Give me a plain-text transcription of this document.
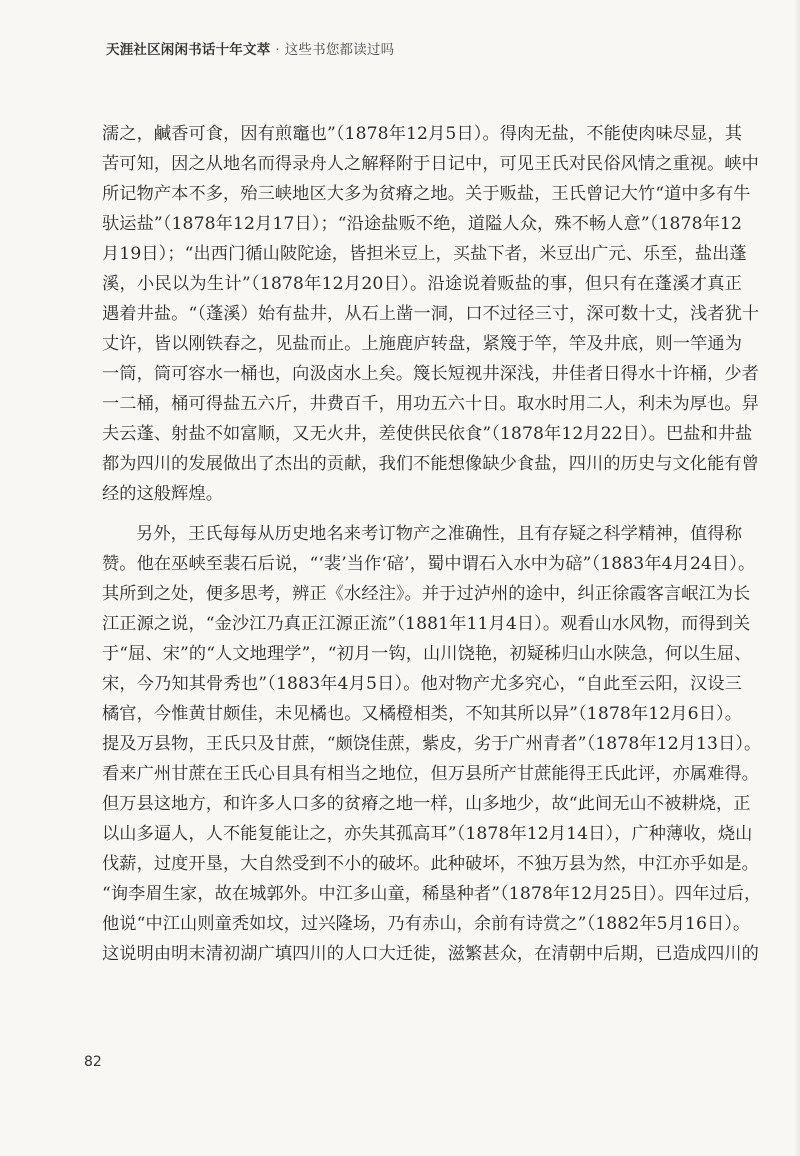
天涯社区闲闲书话十年文萃 · 这些书您都读过吗
濡之，鹹香可食，因有煎竈也”（1878年12月5日）。得肉无盐，不能使肉味尽显，其
苦可知，因之从地名而得录舟人之解释附于日记中，可见王氏对民俗风情之重视。峡中
所记物产本不多，殆三峡地区大多为贫瘠之地。关于贩盐，王氏曾记大竹“道中多有牛
驮运盐”（1878年12月17日）；“沿途盐贩不绝，道隘人众，殊不畅人意”（1878年12
月19日）；“出西门循山陂陀途，皆担米豆上，买盐下者，米豆出广元、乐至，盐出蓬
溪，小民以为生计”（1878年12月20日）。沿途说着贩盐的事，但只有在蓬溪才真正
遇着井盐。“（蓬溪）始有盐井，从石上凿一洞，口不过径三寸，深可数十丈，浅者犹十
丈许，皆以刚铁舂之，见盐而止。上施鹿庐转盘，紧篾于竿，竿及井底，则一竿通为
一筒，筒可容水一桶也，向汲卤水上矣。篾长短视井深浅，井佳者日得水十许桶，少者
一二桶，桶可得盐五六斤，井费百千，用功五六十日。取水时用二人，利未为厚也。舁
夫云蓬、射盐不如富顺，又无火井，差使供民依食”（1878年12月22日）。巴盐和井盐
都为四川的发展做出了杰出的贡献，我们不能想像缺少食盐，四川的历史与文化能有曾
经的这般辉煌。
另外，王氏每每从历史地名来考订物产之准确性，且有存疑之科学精神，值得称
赞。他在巫峡至裴石后说，“‘裴’当作‘碚’，蜀中谓石入水中为碚”（1883年4月24日）。
其所到之处，便多思考，辨正《水经注》。并于过泸州的途中，纠正徐霞客言岷江为长
江正源之说，“金沙江乃真正江源正流”（1881年11月4日）。观看山水风物，而得到关
于“屈、宋”的“人文地理学”，“初月一钩，山川饶艳，初疑秭归山水陕急，何以生屈、
宋，今乃知其骨秀也”（1883年4月5日）。他对物产尤多究心，“自此至云阳，汉设三
橘官，今惟黄甘颇佳，未见橘也。又橘橙相类，不知其所以异”（1878年12月6日）。
提及万县物，王氏只及甘蔗，“颇饶佳蔗，紫皮，劣于广州青者”（1878年12月13日）。
看来广州甘蔗在王氏心目具有相当之地位，但万县所产甘蔗能得王氏此评，亦属难得。
但万县这地方，和许多人口多的贫瘠之地一样，山多地少，故“此间无山不被耕烧，正
以山多逼人，人不能复能让之，亦失其孤高耳”（1878年12月14日），广种薄收，烧山
伐薪，过度开垦，大自然受到不小的破坏。此种破坏，不独万县为然，中江亦乎如是。
“询李眉生家，故在城郭外。中江多山童，稀垦种者”（1878年12月25日）。四年过后，
他说“中江山则童秃如坟，过兴隆场，乃有赤山，余前有诗赏之”（1882年5月16日）。
这说明由明末清初湖广填四川的人口大迁徙，滋繁甚众，在清朝中后期，已造成四川的
82
